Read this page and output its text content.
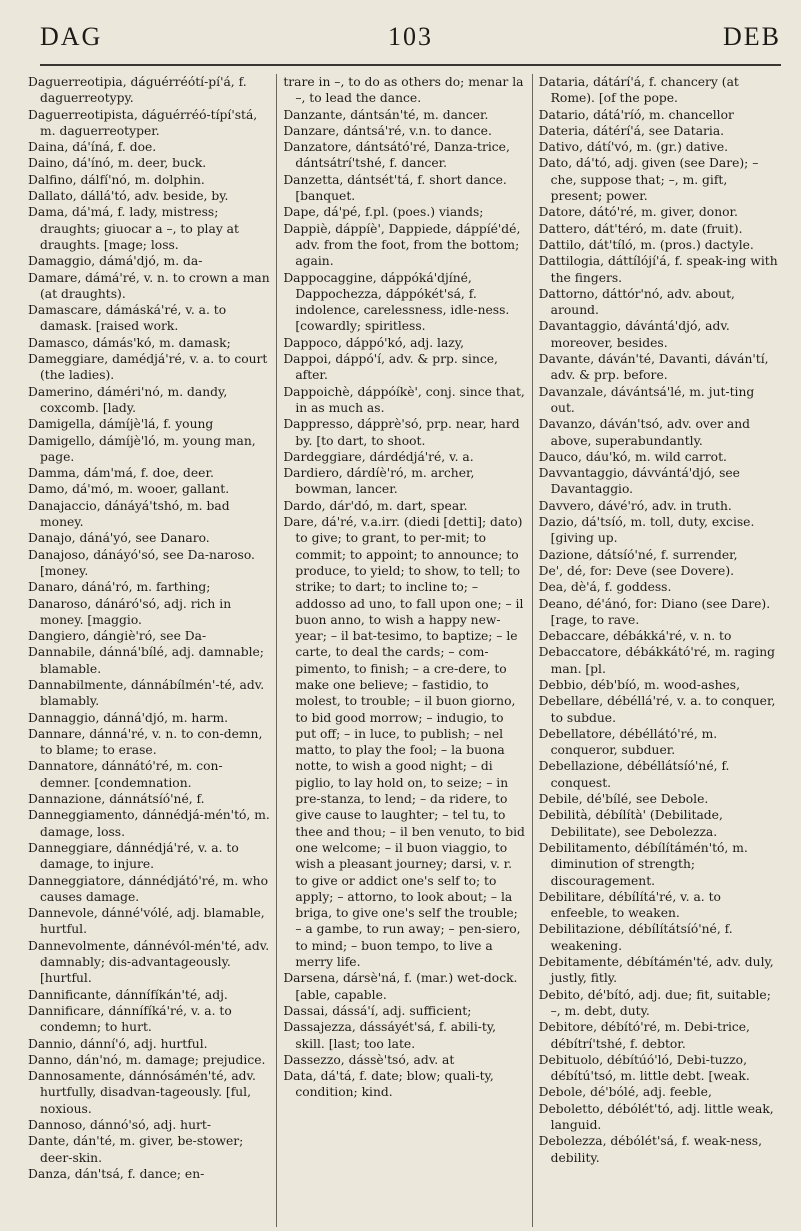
DAG	103	DEB

Daguerreotipia, dáguérréótí-pí'á, f. daguerreotypy.

Daguerreotipista, dáguérréó-típí'stá, m. daguerreotyper.

Daina, dá'íná, f. doe.

Daino, dá'ínó, m. deer, buck.

Dalfino, dálfí'nó, m. dolphin.

Dallato, dállá'tó, adv. beside, by.

Dama, dá'má, f. lady, mistress; draughts; giuocar a –, to play at draughts. [mage; loss.

Damaggio, dámá'djó, m. da-

Damare, dámá'ré, v. n. to crown a man (at draughts).

Damascare, dámáská'ré, v. a. to damask. [raised work.

Damasco, dámás'kó, m. damask;

Dameggiare, damédjá'ré, v. a. to court (the ladies).

Damerino, dáméri'nó, m. dandy, coxcomb. [lady.

Damigella, dámíjè'lá, f. young

Damigello, dámíjè'ló, m. young man, page.

Damma, dám'má, f. doe, deer.

Damo, dá'mó, m. wooer, gallant.

Danajaccio, dánáyá'tshó, m. bad money.

Danajo, dáná'yó, see Danaro.

Danajoso, dánáyó'só, see Da-naroso. [money.

Danaro, dáná'ró, m. farthing;

Danaroso, dánáró'só, adj. rich in money. [maggio.

Dangiero, dángiè'ró, see Da-

Dannabile, dánná'bílé, adj. damnable; blamable.

Dannabilmente, dánnábílmén'-té, adv. blamably.

Dannaggio, dánná'djó, m. harm.

Dannare, dánná'ré, v. n. to con-demn, to blame; to erase.

Dannatore, dánnátó'ré, m. con-demner. [condemnation.

Dannazione, dánnátsíó'né, f.

Danneggiamento, dánnédjá-mén'tó, m. damage, loss.

Danneggiare, dánnédjá'ré, v. a. to damage, to injure.

Danneggiatore, dánnédjátó'ré, m. who causes damage.

Dannevole, dánné'vólé, adj. blamable, hurtful.

Dannevolmente, dánnévól-mén'té, adv. damnably; dis-advantageously. [hurtful.

Dannificante, dánnífíkán'té, adj.

Dannificare, dánnífíká'ré, v. a. to condemn; to hurt.

Dannio, dánní'ó, adj. hurtful.

Danno, dán'nó, m. damage; prejudice.

Dannosamente, dánnósámén'té, adv. hurtfully, disadvan-tageously. [ful, noxious.

Dannoso, dánnó'só, adj. hurt-

Dante, dán'té, m. giver, be-stower; deer-skin.

Danza, dán'tsá, f. dance; en-

trare in –, to do as others do; menar la –, to lead the dance.

Danzante, dántsán'té, m. dancer.

Danzare, dántsá'ré, v.n. to dance.

Danzatore, dántsátó'ré, Danza-trice, dántsátrí'tshé, f. dancer.

Danzetta, dántsét'tá, f. short dance. [banquet.

Dape, dá'pé, f.pl. (poes.) viands;

Dappiè, dáppíè', Dappiede, dáppíé'dé, adv. from the foot, from the bottom; again.

Dappocaggine, dáppóká'djíné, Dappochezza, dáppókét'sá, f. indolence, carelessness, idle-ness. [cowardly; spiritless.

Dappoco, dáppó'kó, adj. lazy,

Dappoi, dáppó'í, adv. & prp. since, after.

Dappoichè, dáppóíkè', conj. since that, in as much as.

Dappresso, dápprè'só, prp. near, hard by. [to dart, to shoot.

Dardeggiare, dárdédjá'ré, v. a.

Dardiero, dárdíè'ró, m. archer, bowman, lancer.

Dardo, dár'dó, m. dart, spear.

Dare, dá'ré, v.a.irr. (diedi [detti]; dato) to give; to grant, to per-mit; to commit; to appoint; to announce; to produce, to yield; to show, to tell; to strike; to dart; to incline to; – addosso ad uno, to fall upon one; – il buon anno, to wish a happy new-year; – il bat-tesimo, to baptize; – le carte, to deal the cards; – com-pimento, to finish; – a cre-dere, to make one believe; – fastidio, to molest, to trouble; – il buon giorno, to bid good morrow; – indugio, to put off; – in luce, to publish; – nel matto, to play the fool; – la buona notte, to wish a good night; – di piglio, to lay hold on, to seize; – in pre-stanza, to lend; – da ridere, to give cause to laughter; – tel tu, to thee and thou; – il ben venuto, to bid one welcome; – il buon viaggio, to wish a pleasant journey; darsi, v. r. to give or addict one's self to; to apply; – attorno, to look about; – la briga, to give one's self the trouble; – a gambe, to run away; – pen-siero, to mind; – buon tempo, to live a merry life.

Darsena, dársè'ná, f. (mar.) wet-dock. [able, capable.

Dassai, dássá'í, adj. sufficient;

Dassajezza, dássáyét'sá, f. abili-ty, skill. [last; too late.

Dassezzo, dássè'tsó, adv. at

Data, dá'tá, f. date; blow; quali-ty, condition; kind.

Dataria, dátárí'á, f. chancery (at Rome). [of the pope.

Datario, dátá'ríó, m. chancellor

Dateria, dátérí'á, see Dataria.

Dativo, dátí'vó, m. (gr.) dative.

Dato, dá'tó, adj. given (see Dare); – che, suppose that; –, m. gift, present; power.

Datore, dátó'ré, m. giver, donor.

Dattero, dát'téró, m. date (fruit).

Dattilo, dát'tíló, m. (pros.) dactyle.

Dattilogia, dáttílójí'á, f. speak-ing with the fingers.

Dattorno, dáttór'nó, adv. about, around.

Davantaggio, dávántá'djó, adv. moreover, besides.

Davante, dáván'té, Davanti, dáván'tí, adv. & prp. before.

Davanzale, dávántsá'lé, m. jut-ting out.

Davanzo, dáván'tsó, adv. over and above, superabundantly.

Dauco, dáu'kó, m. wild carrot.

Davvantaggio, dávvántá'djó, see Davantaggio.

Davvero, dávé'ró, adv. in truth.

Dazio, dá'tsíó, m. toll, duty, excise. [giving up.

Dazione, dátsíó'né, f. surrender,

De', dé, for: Deve (see Dovere).

Dea, dè'á, f. goddess.

Deano, dé'ánó, for: Diano (see Dare). [rage, to rave.

Debaccare, débákká'ré, v. n. to

Debaccatore, débákkátó'ré, m. raging man. [pl.

Debbio, déb'bíó, m. wood-ashes,

Debellare, débéllá'ré, v. a. to conquer, to subdue.

Debellatore, débéllátó'ré, m. conqueror, subduer.

Debellazione, débéllátsíó'né, f. conquest.

Debile, dé'bílé, see Debole.

Debilità, débílítà' (Debilitade, Debilitate), see Debolezza.

Debilitamento, débílítámén'tó, m. diminution of strength; discouragement.

Debilitare, débílítá'ré, v. a. to enfeeble, to weaken.

Debilitazione, débílítátsíó'né, f. weakening.

Debitamente, débítámén'té, adv. duly, justly, fitly.

Debito, dé'bító, adj. due; fit, suitable; –, m. debt, duty.

Debitore, débító'ré, m. Debi-trice, débítrí'tshé, f. debtor.

Debituolo, débítúó'ló, Debi-tuzzo, débítú'tsó, m. little debt. [weak.

Debole, dé'bólé, adj. feeble,

Deboletto, débólét'tó, adj. little weak, languid.

Debolezza, débólét'sá, f. weak-ness, debility.
